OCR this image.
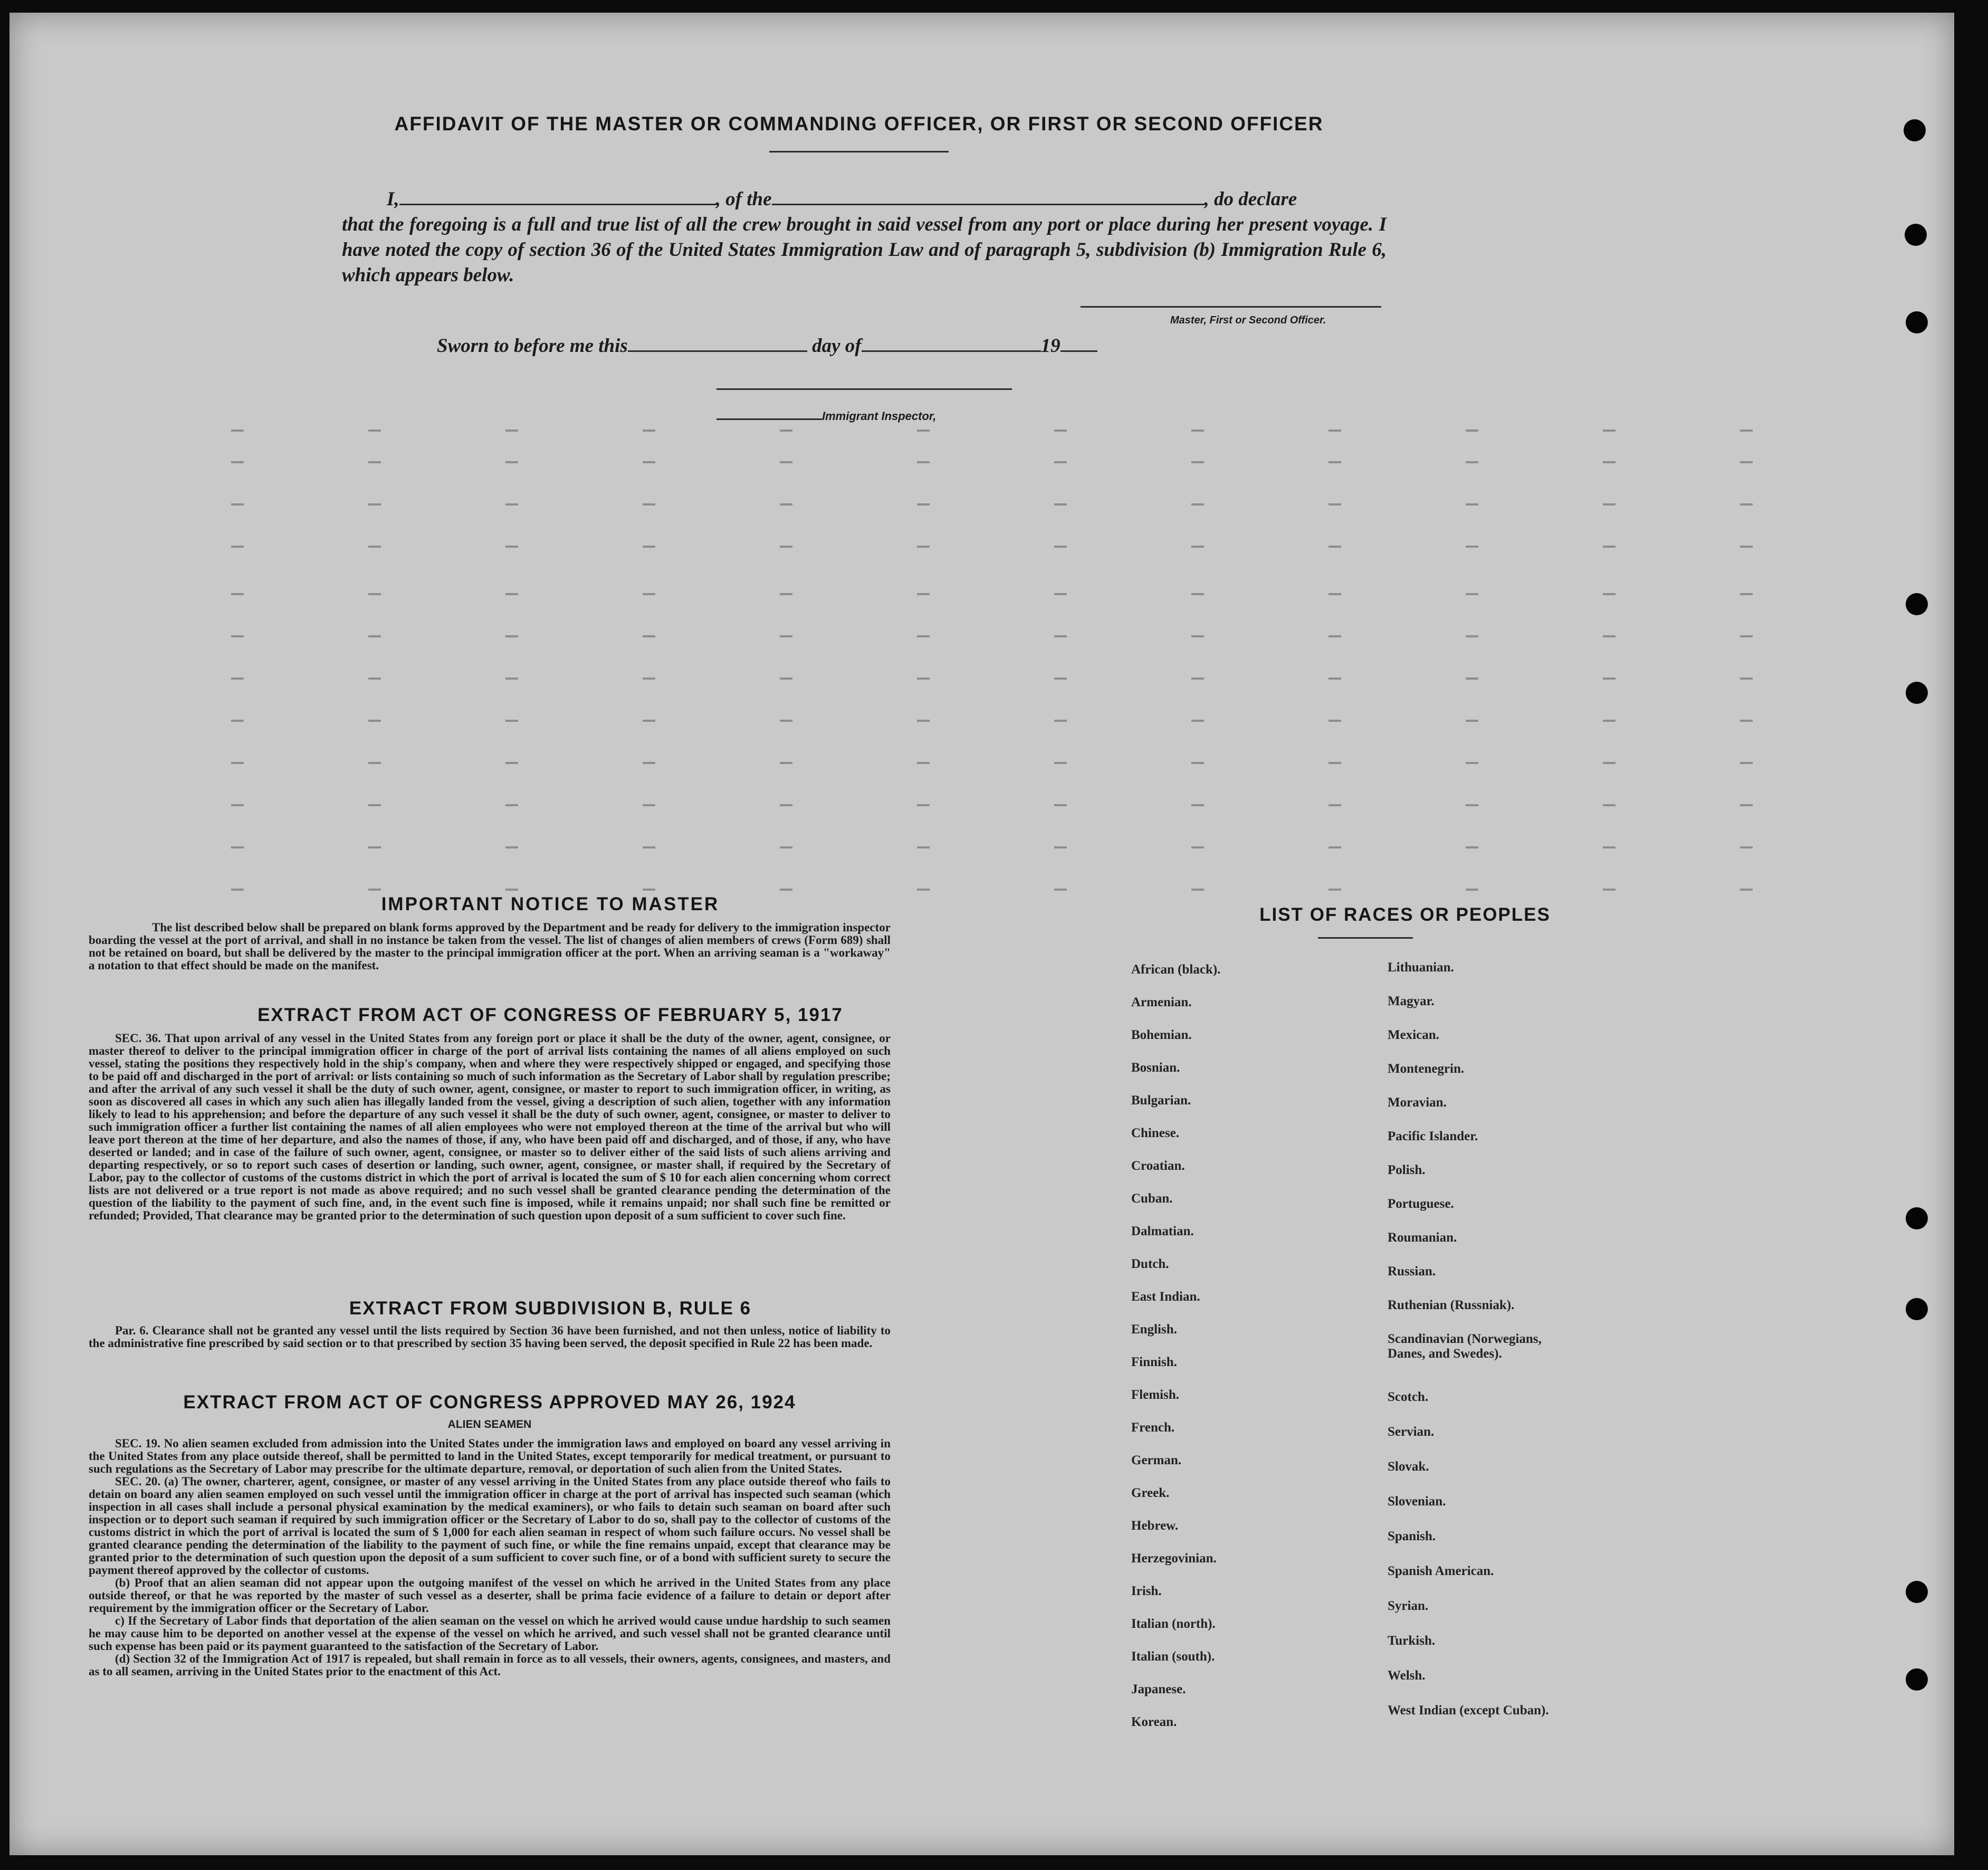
AFFIDAVIT OF THE MASTER OR COMMANDING OFFICER, OR FIRST OR SECOND OFFICER
I,	, of the	, do declare
that the foregoing is a full and true list of all the crew brought in said vessel from any port or place during her present voyage. I have noted the copy of section 36 of the United States Immigration Law and of paragraph 5, subdivision (b) Immigration Rule 6, which appears below.
Master, First or Second Officer.
Sworn to before me this	day of	19
Immigrant Inspector,
IMPORTANT NOTICE TO MASTER
The list described below shall be prepared on blank forms approved by the Department and be ready for delivery to the immigration inspector boarding the vessel at the port of arrival, and shall in no instance be taken from the vessel. The list of changes of alien members of crews (Form 689) shall not be retained on board, but shall be delivered by the master to the principal immigration officer at the port. When an arriving seaman is a "workaway" a notation to that effect should be made on the manifest.
EXTRACT FROM ACT OF CONGRESS OF FEBRUARY 5, 1917
SEC. 36. That upon arrival of any vessel in the United States from any foreign port or place it shall be the duty of the owner, agent, consignee, or master thereof to deliver to the principal immigration officer in charge of the port of arrival lists containing the names of all aliens employed on such vessel, stating the positions they respectively hold in the ship's company, when and where they were respectively shipped or engaged, and specifying those to be paid off and discharged in the port of arrival: or lists containing so much of such information as the Secretary of Labor shall by regulation prescribe; and after the arrival of any such vessel it shall be the duty of such owner, agent, consignee, or master to report to such immigration officer, in writing, as soon as discovered all cases in which any such alien has illegally landed from the vessel, giving a description of such alien, together with any information likely to lead to his apprehension; and before the departure of any such vessel it shall be the duty of such owner, agent, consignee, or master to deliver to such immigration officer a further list containing the names of all alien employees who were not employed thereon at the time of the arrival but who will leave port thereon at the time of her departure, and also the names of those, if any, who have been paid off and discharged, and of those, if any, who have deserted or landed; and in case of the failure of such owner, agent, consignee, or master so to deliver either of the said lists of such aliens arriving and departing respectively, or so to report such cases of desertion or landing, such owner, agent, consignee, or master shall, if required by the Secretary of Labor, pay to the collector of customs of the customs district in which the port of arrival is located the sum of $ 10 for each alien concerning whom correct lists are not delivered or a true report is not made as above required; and no such vessel shall be granted clearance pending the determination of the question of the liability to the payment of such fine, and, in the event such fine is imposed, while it remains unpaid; nor shall such fine be remitted or refunded; Provided, That clearance may be granted prior to the determination of such question upon deposit of a sum sufficient to cover such fine.
EXTRACT FROM SUBDIVISION B, RULE 6
Par. 6. Clearance shall not be granted any vessel until the lists required by Section 36 have been furnished, and not then unless, notice of liability to the administrative fine prescribed by said section or to that prescribed by section 35 having been served, the deposit specified in Rule 22 has been made.
EXTRACT FROM ACT OF CONGRESS APPROVED MAY 26, 1924
ALIEN SEAMEN
SEC. 19. No alien seamen excluded from admission into the United States under the immigration laws and employed on board any vessel arriving in the United States from any place outside thereof, shall be permitted to land in the United States, except temporarily for medical treatment, or pursuant to such regulations as the Secretary of Labor may prescribe for the ultimate departure, removal, or deportation of such alien from the United States.
SEC. 20. (a) The owner, charterer, agent, consignee, or master of any vessel arriving in the United States from any place outside thereof who fails to detain on board any alien seamen employed on such vessel until the immigration officer in charge at the port of arrival has inspected such seaman (which inspection in all cases shall include a personal physical examination by the medical examiners), or who fails to detain such seaman on board after such inspection or to deport such seaman if required by such immigration officer or the Secretary of Labor to do so, shall pay to the collector of customs of the customs district in which the port of arrival is located the sum of $ 1,000 for each alien seaman in respect of whom such failure occurs. No vessel shall be granted clearance pending the determination of the liability to the payment of such fine, or while the fine remains unpaid, except that clearance may be granted prior to the determination of such question upon the deposit of a sum sufficient to cover such fine, or of a bond with sufficient surety to secure the payment thereof approved by the collector of customs.
(b) Proof that an alien seaman did not appear upon the outgoing manifest of the vessel on which he arrived in the United States from any place outside thereof, or that he was reported by the master of such vessel as a deserter, shall be prima facie evidence of a failure to detain or deport after requirement by the immigration officer or the Secretary of Labor.
c) If the Secretary of Labor finds that deportation of the alien seaman on the vessel on which he arrived would cause undue hardship to such seamen he may cause him to be deported on another vessel at the expense of the vessel on which he arrived, and such vessel shall not be granted clearance until such expense has been paid or its payment guaranteed to the satisfaction of the Secretary of Labor.
(d) Section 32 of the Immigration Act of 1917 is repealed, but shall remain in force as to all vessels, their owners, agents, consignees, and masters, and as to all seamen, arriving in the United States prior to the enactment of this Act.
LIST OF RACES OR PEOPLES
African (black).
Armenian.
Bohemian.
Bosnian.
Bulgarian.
Chinese.
Croatian.
Cuban.
Dalmatian.
Dutch.
East Indian.
English.
Finnish.
Flemish.
French.
German.
Greek.
Hebrew.
Herzegovinian.
Irish.
Italian (north).
Italian (south).
Japanese.
Korean.
Lithuanian.
Magyar.
Mexican.
Montenegrin.
Moravian.
Pacific Islander.
Polish.
Portuguese.
Roumanian.
Russian.
Ruthenian (Russniak).
Scandinavian (Norwegians,
Danes, and Swedes).
Scotch.
Servian.
Slovak.
Slovenian.
Spanish.
Spanish American.
Syrian.
Turkish.
Welsh.
West Indian (except Cuban).
